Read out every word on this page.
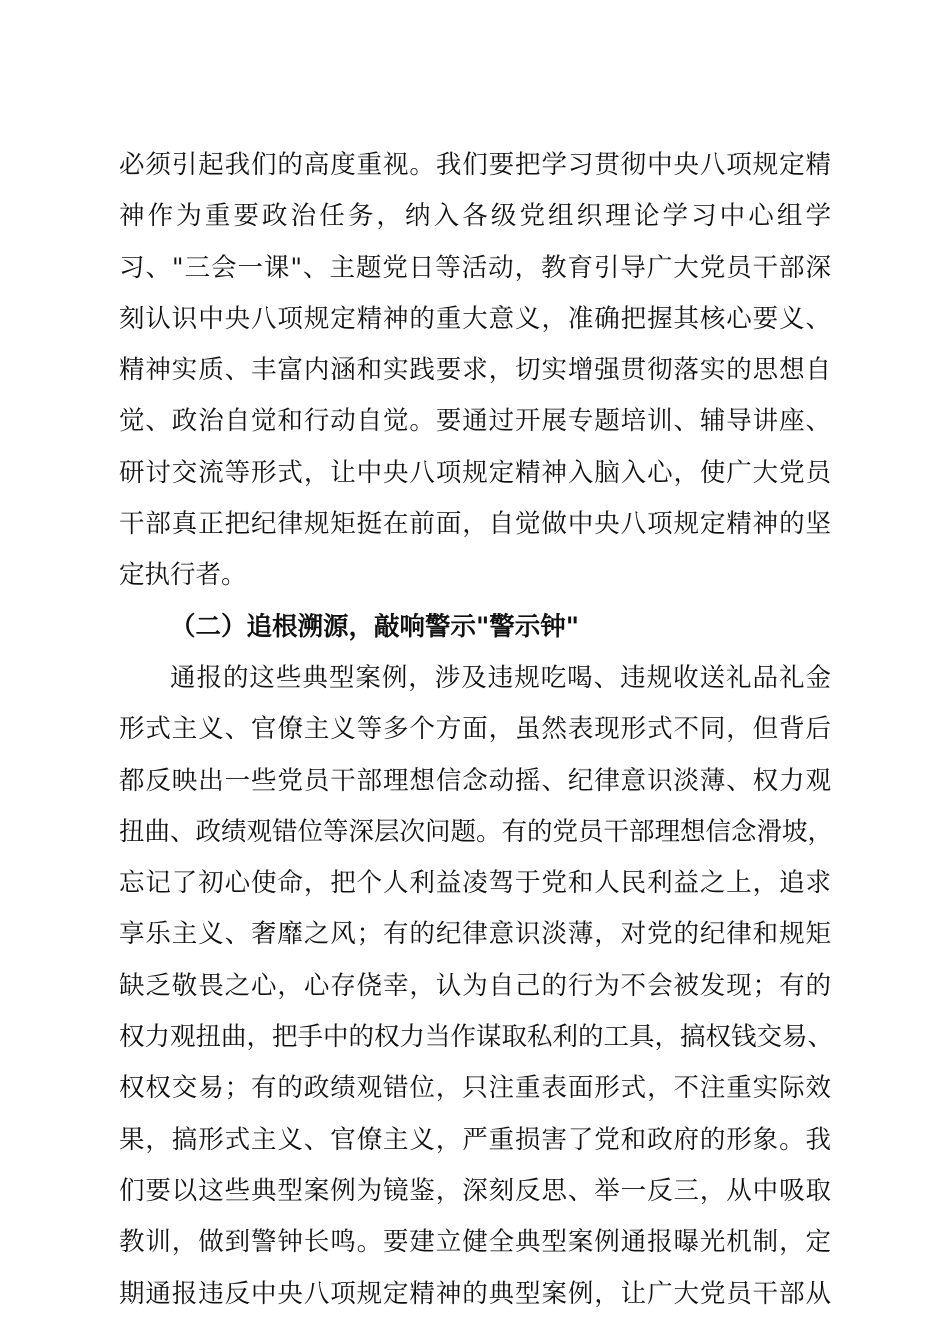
必须引起我们的高度重视。我们要把学习贯彻中央八项规定精
神作为重要政治任务，纳入各级党组织理论学习中心组学
习、"三会一课"、主题党日等活动，教育引导广大党员干部深
刻认识中央八项规定精神的重大意义，准确把握其核心要义、
精神实质、丰富内涵和实践要求，切实增强贯彻落实的思想自
觉、政治自觉和行动自觉。要通过开展专题培训、辅导讲座、
研讨交流等形式，让中央八项规定精神入脑入心，使广大党员
干部真正把纪律规矩挺在前面，自觉做中央八项规定精神的坚
定执行者。
（二）追根溯源，敲响警示"警示钟"
通报的这些典型案例，涉及违规吃喝、违规收送礼品礼金
形式主义、官僚主义等多个方面，虽然表现形式不同，但背后
都反映出一些党员干部理想信念动摇、纪律意识淡薄、权力观
扭曲、政绩观错位等深层次问题。有的党员干部理想信念滑坡，
忘记了初心使命，把个人利益凌驾于党和人民利益之上，追求
享乐主义、奢靡之风；有的纪律意识淡薄，对党的纪律和规矩
缺乏敬畏之心，心存侥幸，认为自己的行为不会被发现；有的
权力观扭曲，把手中的权力当作谋取私利的工具，搞权钱交易、
权权交易；有的政绩观错位，只注重表面形式，不注重实际效
果，搞形式主义、官僚主义，严重损害了党和政府的形象。我
们要以这些典型案例为镜鉴，深刻反思、举一反三，从中吸取
教训，做到警钟长鸣。要建立健全典型案例通报曝光机制，定
期通报违反中央八项规定精神的典型案例，让广大党员干部从
